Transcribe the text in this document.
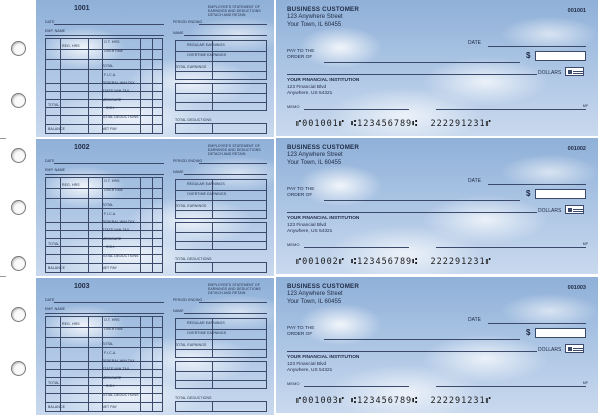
1001
DATE
EMP. NAME
PERIOD ENDING
EMPLOYEE'S STATEMENT OF EARNINGS AND DEDUCTIONS DETACH AND RETAIN
NAME
REG. HRS
O.T. HRS
OVERTIME
TOTAL
F.I.C.A.
FEDERAL W/H TAX
STATE W/H TAX
MEDICARE
S.D.I.
TOTAL DEDUCTIONS
NET PAY
TOTAL
BALANCE
REGULAR EARNINGS
OVERTIME EARNINGS
TOTAL EARNINGS
TOTAL DEDUCTIONS
BUSINESS CUSTOMER
123 Anywhere Street
Your Town, IL 60455
001001
DATE
PAY TO THE
ORDER OF	$
DOLLARS
YOUR FINANCIAL INSTITUTION
123 Financial Blvd
Anywhere, US 54321
MEMO	MP
⑈001001⑈ ⑆123456789⑆  222291231⑈
1002
DATE
EMP. NAME
PERIOD ENDING
EMPLOYEE'S STATEMENT OF EARNINGS AND DEDUCTIONS DETACH AND RETAIN
NAME
REG. HRS
O.T. HRS
OVERTIME
TOTAL
F.I.C.A.
FEDERAL W/H TAX
STATE W/H TAX
MEDICARE
S.D.I.
TOTAL DEDUCTIONS
NET PAY
TOTAL
BALANCE
REGULAR EARNINGS
OVERTIME EARNINGS
TOTAL EARNINGS
TOTAL DEDUCTIONS
BUSINESS CUSTOMER
123 Anywhere Street
Your Town, IL 60455
001002
DATE
PAY TO THE
ORDER OF	$
DOLLARS
YOUR FINANCIAL INSTITUTION
123 Financial Blvd
Anywhere, US 54321
MEMO	MP
⑈001002⑈ ⑆123456789⑆  222291231⑈
1003
DATE
EMP. NAME
PERIOD ENDING
EMPLOYEE'S STATEMENT OF EARNINGS AND DEDUCTIONS DETACH AND RETAIN
NAME
REG. HRS
O.T. HRS
OVERTIME
TOTAL
F.I.C.A.
FEDERAL W/H TAX
STATE W/H TAX
MEDICARE
S.D.I.
TOTAL DEDUCTIONS
NET PAY
TOTAL
BALANCE
REGULAR EARNINGS
OVERTIME EARNINGS
TOTAL EARNINGS
TOTAL DEDUCTIONS
BUSINESS CUSTOMER
123 Anywhere Street
Your Town, IL 60455
001003
DATE
PAY TO THE
ORDER OF	$
DOLLARS
YOUR FINANCIAL INSTITUTION
123 Financial Blvd
Anywhere, US 54321
MEMO	MP
⑈001003⑈ ⑆123456789⑆  222291231⑈
